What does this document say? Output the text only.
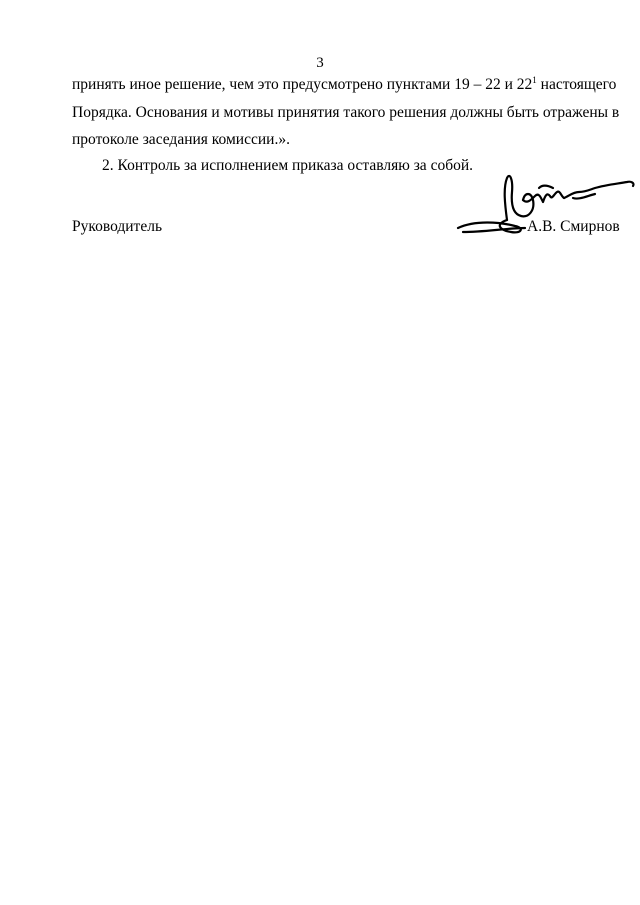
3
принять иное решение, чем это предусмотрено пунктами 19 – 22 и $22^1$ настоящего
Порядка. Основания и мотивы принятия такого решения должны быть отражены в
протоколе заседания комиссии.».
2. Контроль за исполнением приказа оставляю за собой.
Руководитель	А.В. Смирнов
